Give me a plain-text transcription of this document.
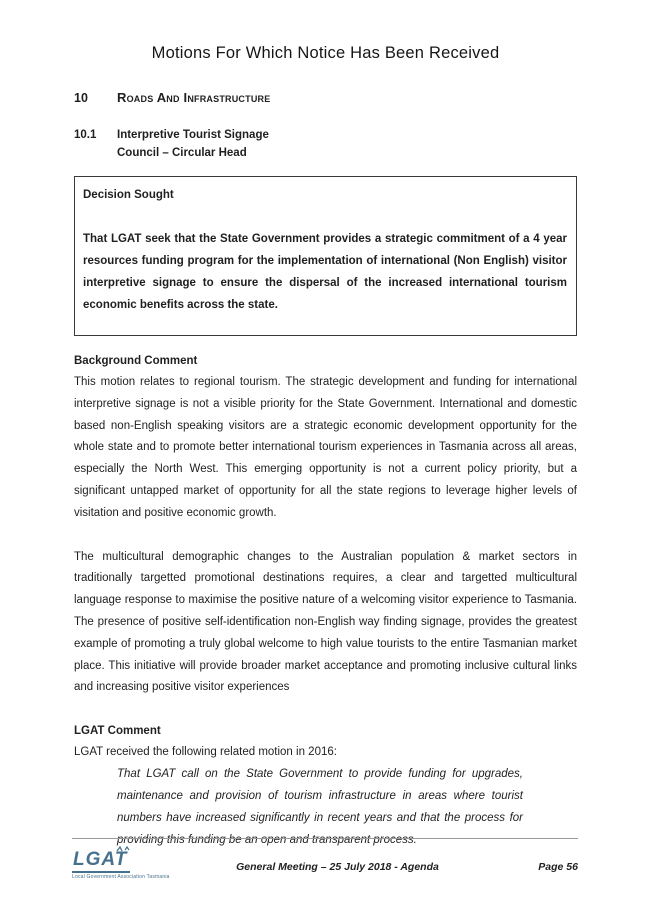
Motions For Which Notice Has Been Received
10	Roads And Infrastructure
10.1	Interpretive Tourist Signage
Council – Circular Head
Decision Sought
That LGAT seek that the State Government provides a strategic commitment of a 4 year resources funding program for the implementation of international (Non English) visitor interpretive signage to ensure the dispersal of the increased international tourism economic benefits across the state.
Background Comment
This motion relates to regional tourism. The strategic development and funding for international interpretive signage is not a visible priority for the State Government. International and domestic based non-English speaking visitors are a strategic economic development opportunity for the whole state and to promote better international tourism experiences in Tasmania across all areas, especially the North West. This emerging opportunity is not a current policy priority, but a significant untapped market of opportunity for all the state regions to leverage higher levels of visitation and positive economic growth.
The multicultural demographic changes to the Australian population & market sectors in traditionally targetted promotional destinations requires, a clear and targetted multicultural language response to maximise the positive nature of a welcoming visitor experience to Tasmania. The presence of positive self-identification non-English way finding signage, provides the greatest example of promoting a truly global welcome to high value tourists to the entire Tasmanian market place. This initiative will provide broader market acceptance and promoting inclusive cultural links and increasing positive visitor experiences
LGAT Comment
LGAT received the following related motion in 2016:
That LGAT call on the State Government to provide funding for upgrades, maintenance and provision of tourism infrastructure in areas where tourist numbers have increased significantly in recent years and that the process for providing this funding be an open and transparent process.
LGAT
Local Government Association Tasmania
General Meeting – 25 July 2018 - Agenda	Page 56
